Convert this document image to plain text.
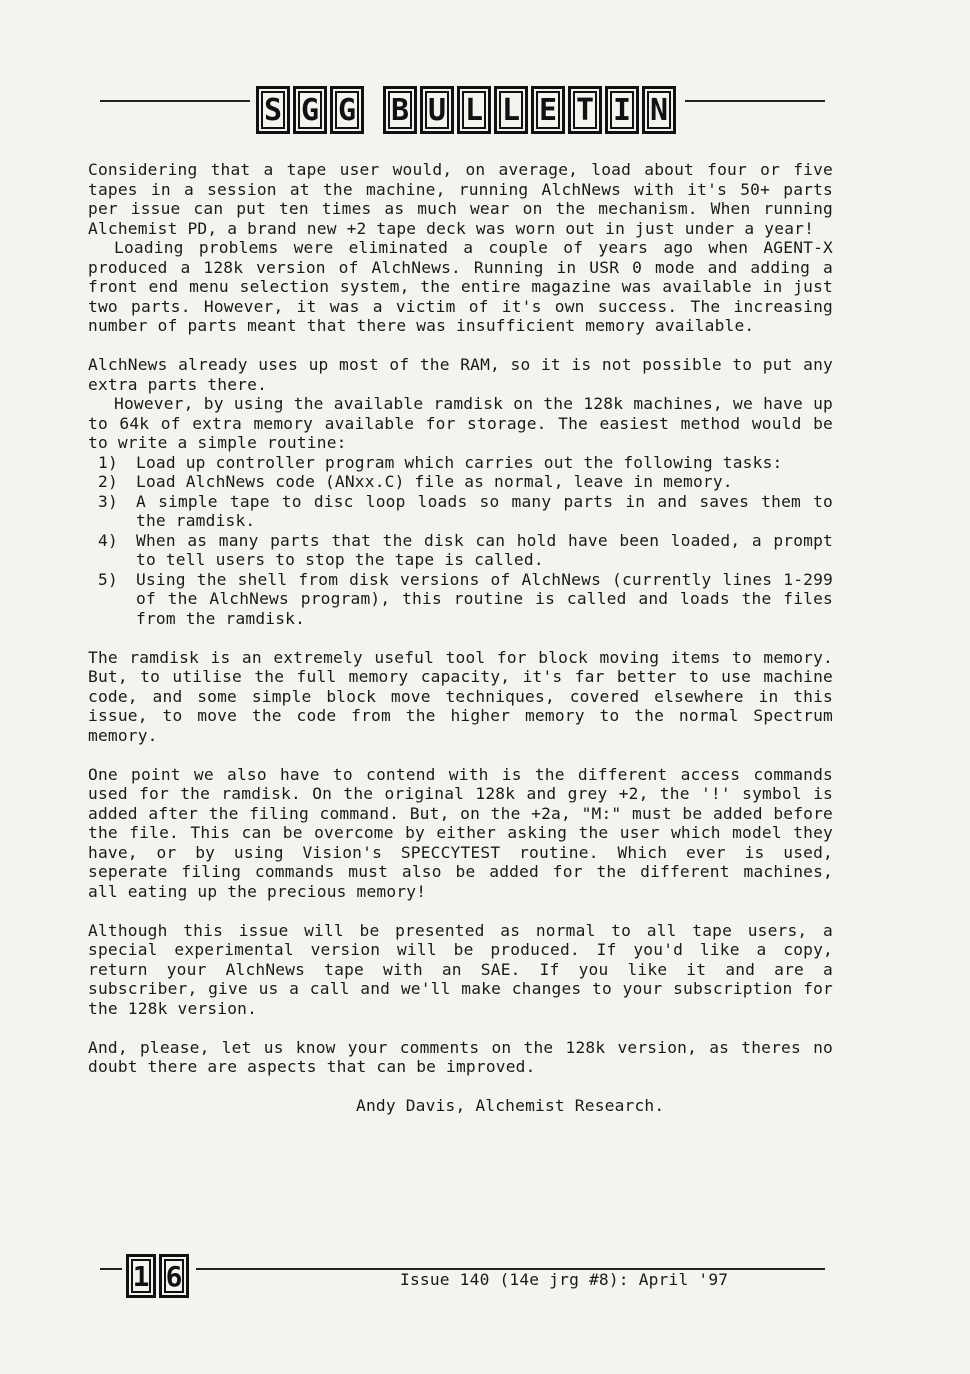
S G G B U L L E T I N

Considering that a tape user would, on average, load about four or five tapes in a session at the machine, running AlchNews with it's 50+ parts per issue can put ten times as much wear on the mechanism. When running Alchemist PD, a brand new +2 tape deck was worn out in just under a year!

Loading problems were eliminated a couple of years ago when AGENT-X produced a 128k version of AlchNews. Running in USR 0 mode and adding a front end menu selection system, the entire magazine was available in just two parts. However, it was a victim of it's own success. The increasing number of parts meant that there was insufficient memory available.

AlchNews already uses up most of the RAM, so it is not possible to put any extra parts there.

However, by using the available ramdisk on the 128k machines, we have up to 64k of extra memory available for storage. The easiest method would be to write a simple routine:

1) Load up controller program which carries out the following tasks:
2) Load AlchNews code (ANxx.C) file as normal, leave in memory.
3) A simple tape to disc loop loads so many parts in and saves them to the ramdisk.
4) When as many parts that the disk can hold have been loaded, a prompt to tell users to stop the tape is called.
5) Using the shell from disk versions of AlchNews (currently lines 1-299 of the AlchNews program), this routine is called and loads the files from the ramdisk.

The ramdisk is an extremely useful tool for block moving items to memory. But, to utilise the full memory capacity, it's far better to use machine code, and some simple block move techniques, covered elsewhere in this issue, to move the code from the higher memory to the normal Spectrum memory.

One point we also have to contend with is the different access commands used for the ramdisk. On the original 128k and grey +2, the '!' symbol is added after the filing command. But, on the +2a, "M:" must be added before the file. This can be overcome by either asking the user which model they have, or by using Vision's SPECCYTEST routine. Which ever is used, seperate filing commands must also be added for the different machines, all eating up the precious memory!

Although this issue will be presented as normal to all tape users, a special experimental version will be produced. If you'd like a copy, return your AlchNews tape with an SAE. If you like it and are a subscriber, give us a call and we'll make changes to your subscription for the 128k version.

And, please, let us know your comments on the 128k version, as theres no doubt there are aspects that can be improved.

Andy Davis, Alchemist Research.

1 6	Issue 140 (14e jrg #8): April '97
